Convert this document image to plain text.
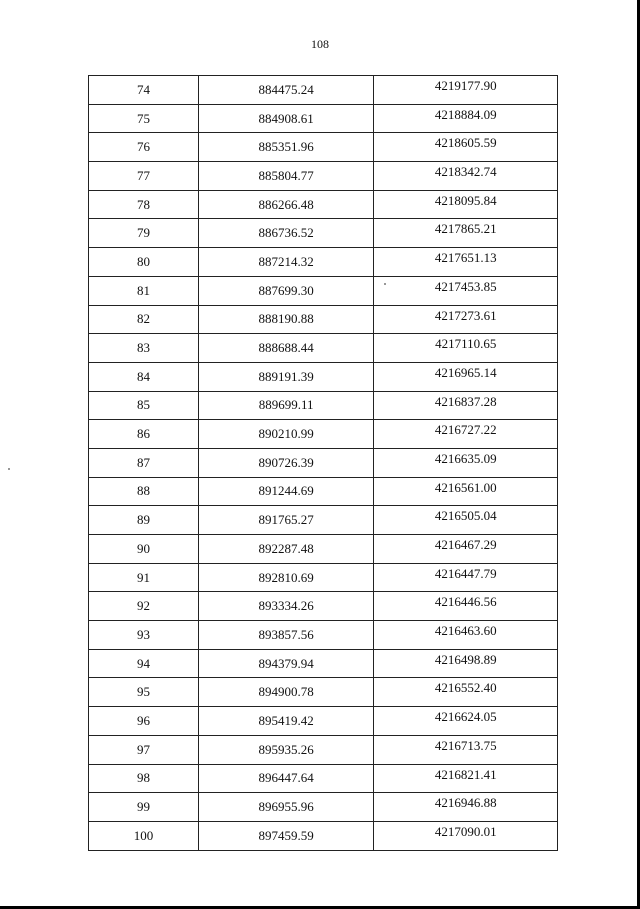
108
74	884475.24	4219177.90
75	884908.61	4218884.09
76	885351.96	4218605.59
77	885804.77	4218342.74
78	886266.48	4218095.84
79	886736.52	4217865.21
80	887214.32	4217651.13
81	887699.30	4217453.85
82	888190.88	4217273.61
83	888688.44	4217110.65
84	889191.39	4216965.14
85	889699.11	4216837.28
86	890210.99	4216727.22
87	890726.39	4216635.09
88	891244.69	4216561.00
89	891765.27	4216505.04
90	892287.48	4216467.29
91	892810.69	4216447.79
92	893334.26	4216446.56
93	893857.56	4216463.60
94	894379.94	4216498.89
95	894900.78	4216552.40
96	895419.42	4216624.05
97	895935.26	4216713.75
98	896447.64	4216821.41
99	896955.96	4216946.88
100	897459.59	4217090.01
